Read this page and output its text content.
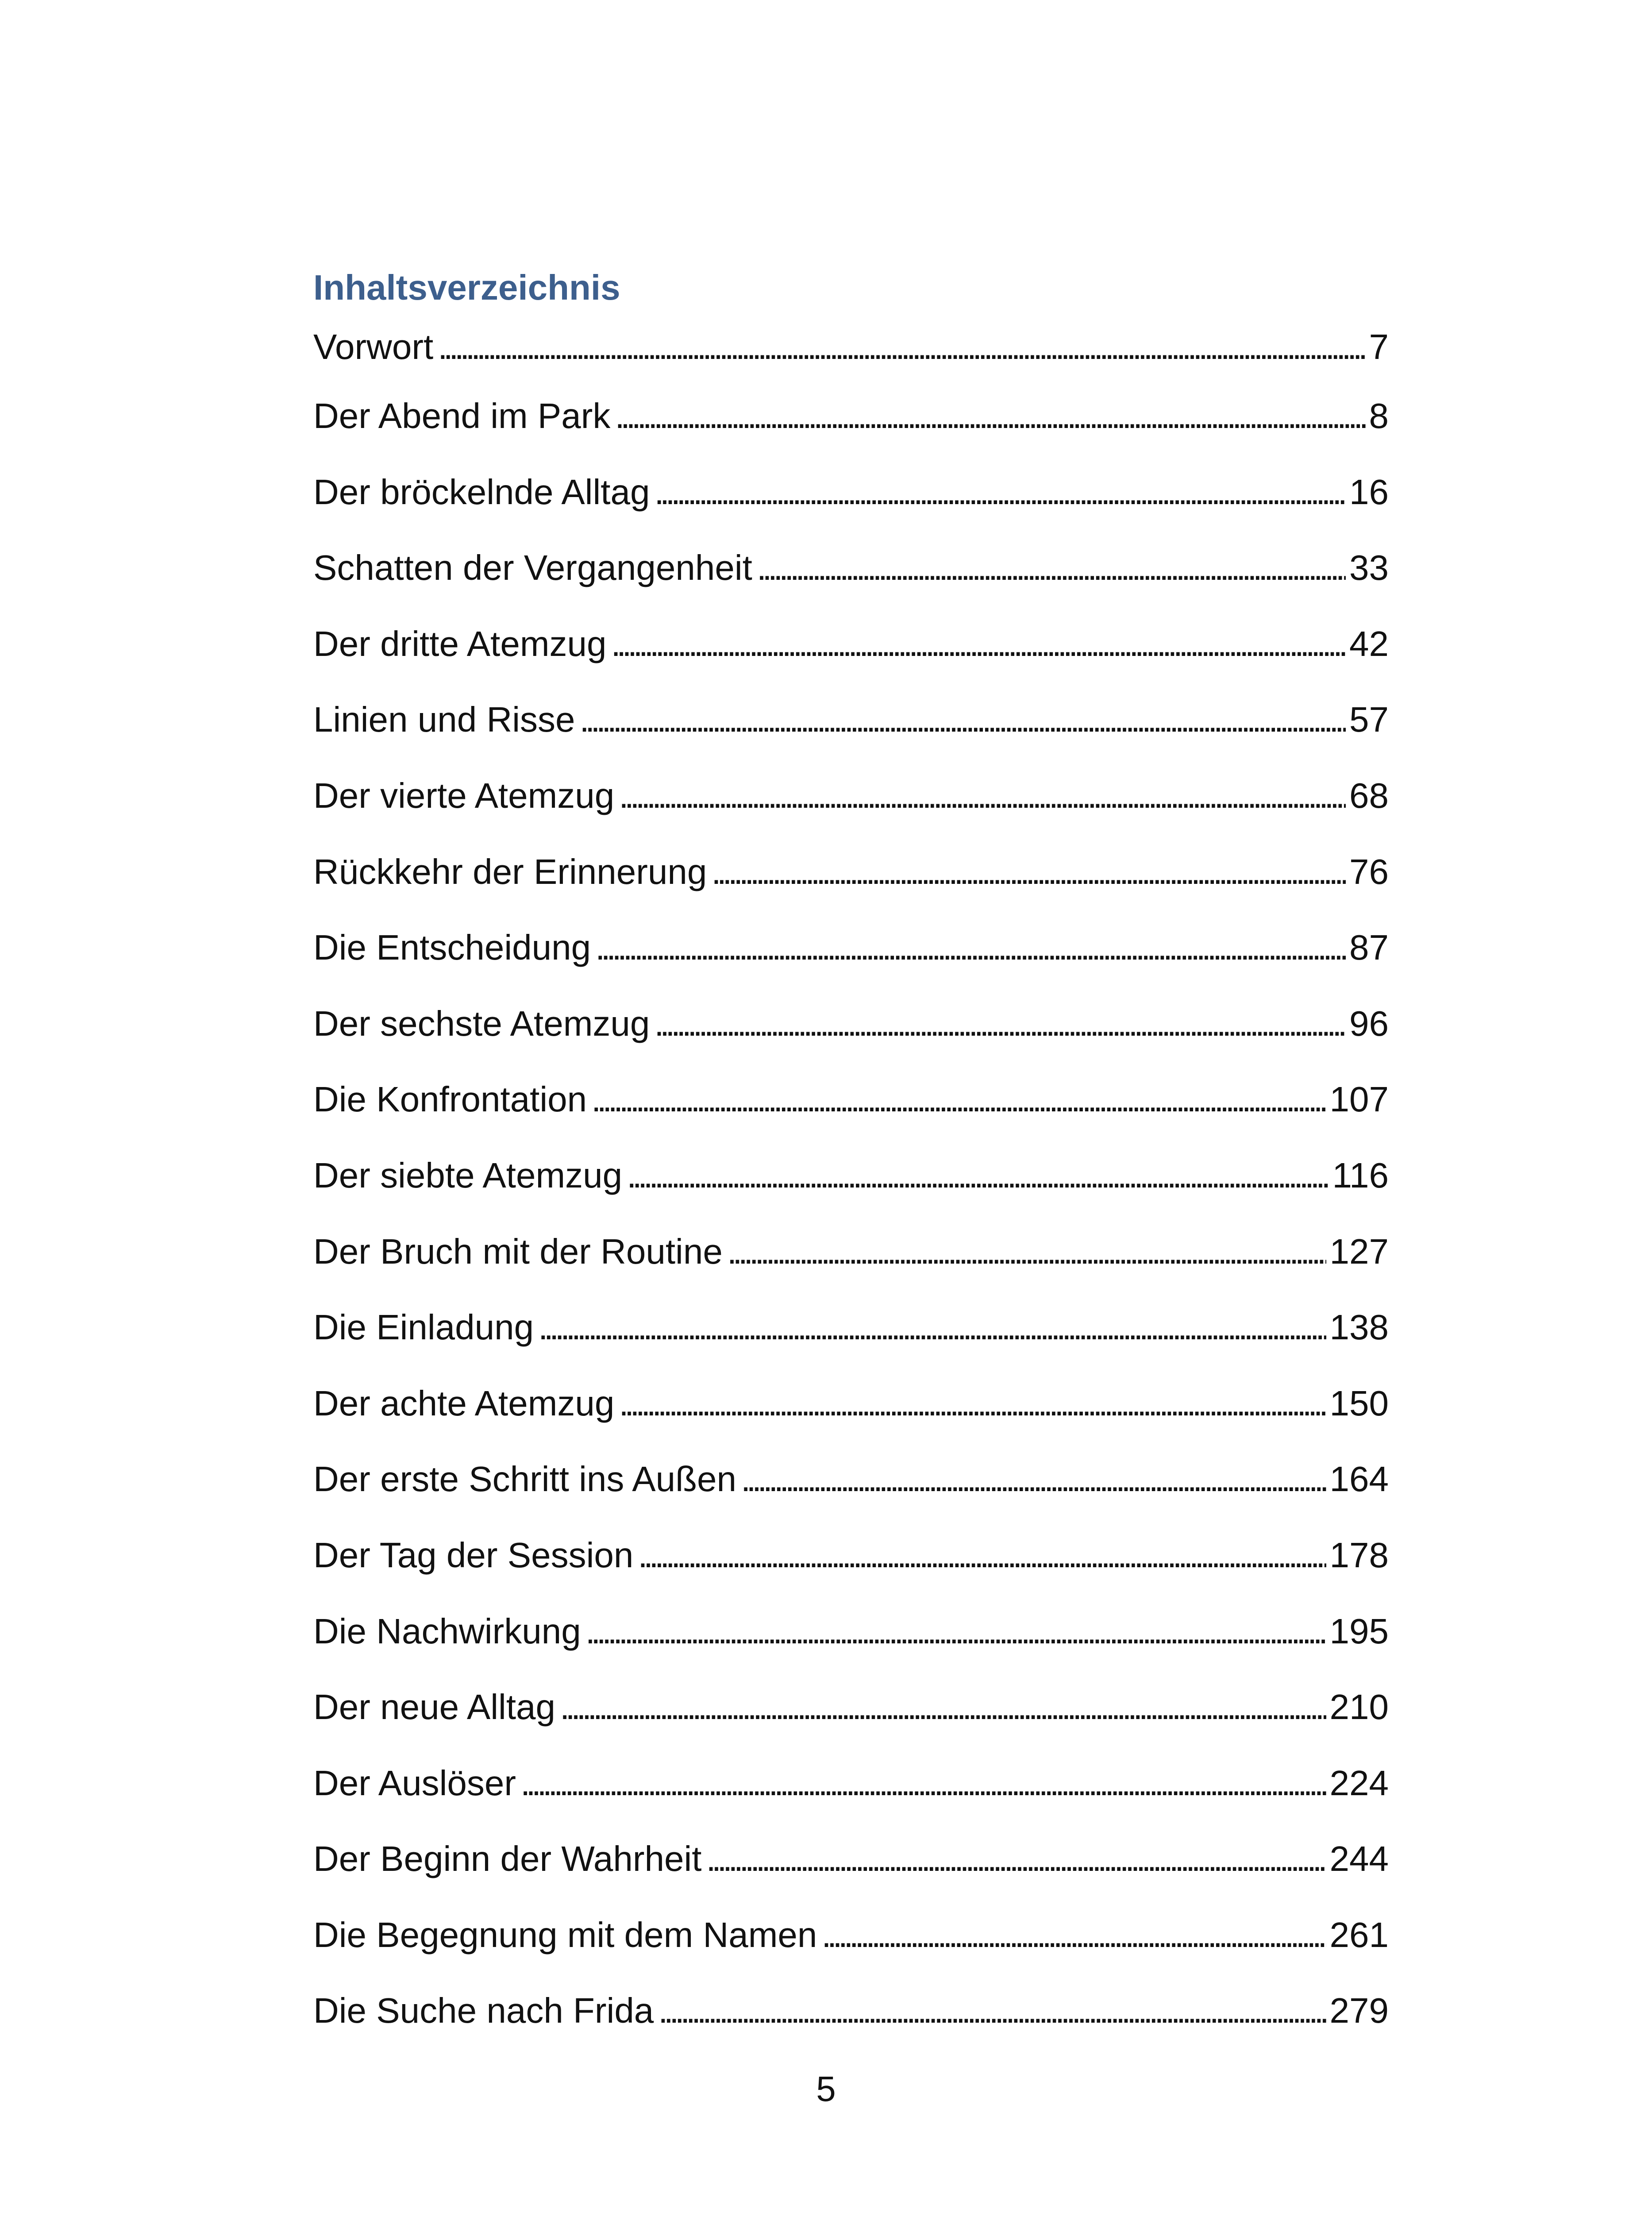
Inhaltsverzeichnis
Vorwort . . .	7
Der Abend im Park . . .	8
Der bröckelnde Alltag . . .	16
Schatten der Vergangenheit . . .	33
Der dritte Atemzug . . .	42
Linien und Risse . . .	57
Der vierte Atemzug . . .	68
Rückkehr der Erinnerung . . .	76
Die Entscheidung . . .	87
Der sechste Atemzug . . .	96
Die Konfrontation . . .	107
Der siebte Atemzug . . .	116
Der Bruch mit der Routine . . .	127
Die Einladung . . .	138
Der achte Atemzug . . .	150
Der erste Schritt ins Außen . . .	164
Der Tag der Session . . .	178
Die Nachwirkung . . .	195
Der neue Alltag . . .	210
Der Auslöser . . .	224
Der Beginn der Wahrheit . . .	244
Die Begegnung mit dem Namen . . .	261
Die Suche nach Frida . . .	279
5
